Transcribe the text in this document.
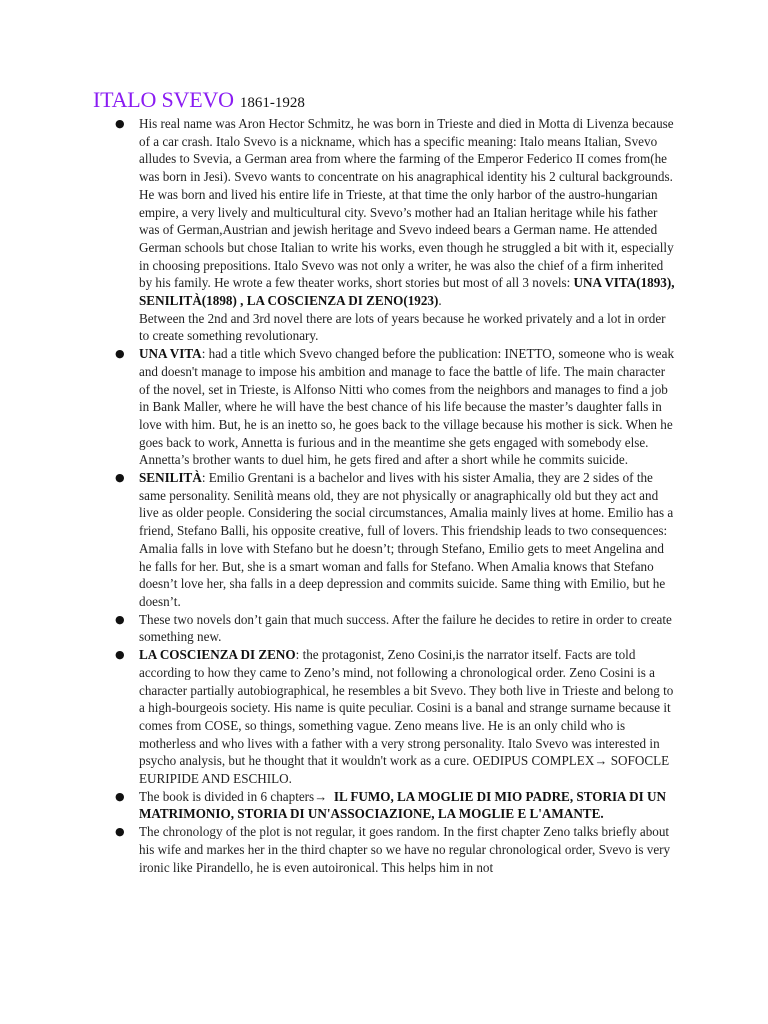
ITALO SVEVO 1861-1928
● His real name was Aron Hector Schmitz, he was born in Trieste and died in Motta di Livenza because of a car crash. Italo Svevo is a nickname, which has a specific meaning: Italo means Italian, Svevo alludes to Svevia, a German area from where the farming of the Emperor Federico II comes from(he was born in Jesi). Svevo wants to concentrate on his anagraphical identity his 2 cultural backgrounds. He was born and lived his entire life in Trieste, at that time the only harbor of the austro-hungarian empire, a very lively and multicultural city. Svevo’s mother had an Italian heritage while his father was of German,Austrian and jewish heritage and Svevo indeed bears a German name. He attended German schools but chose Italian to write his works, even though he struggled a bit with it, especially in choosing prepositions. Italo Svevo was not only a writer, he was also the chief of a firm inherited by his family. He wrote a few theater works, short stories but most of all 3 novels: UNA VITA(1893), SENILITÀ(1898) , LA COSCIENZA DI ZENO(1923).
Between the 2nd and 3rd novel there are lots of years because he worked privately and a lot in order to create something revolutionary.
● UNA VITA: had a title which Svevo changed before the publication: INETTO, someone who is weak and doesn't manage to impose his ambition and manage to face the battle of life. The main character of the novel, set in Trieste, is Alfonso Nitti who comes from the neighbors and manages to find a job in Bank Maller, where he will have the best chance of his life because the master’s daughter falls in love with him. But, he is an inetto so, he goes back to the village because his mother is sick. When he goes back to work, Annetta is furious and in the meantime she gets engaged with somebody else. Annetta’s brother wants to duel him, he gets fired and after a short while he commits suicide.
● SENILITÀ: Emilio Grentani is a bachelor and lives with his sister Amalia, they are 2 sides of the same personality. Senilità means old, they are not physically or anagraphically old but they act and live as older people. Considering the social circumstances, Amalia mainly lives at home. Emilio has a friend, Stefano Balli, his opposite creative, full of lovers. This friendship leads to two consequences: Amalia falls in love with Stefano but he doesn’t; through Stefano, Emilio gets to meet Angelina and he falls for her. But, she is a smart woman and falls for Stefano. When Amalia knows that Stefano doesn’t love her, sha falls in a deep depression and commits suicide. Same thing with Emilio, but he doesn’t.
● These two novels don’t gain that much success. After the failure he decides to retire in order to create something new.
● LA COSCIENZA DI ZENO: the protagonist, Zeno Cosini,is the narrator itself. Facts are told according to how they came to Zeno’s mind, not following a chronological order. Zeno Cosini is a character partially autobiographical, he resembles a bit Svevo. They both live in Trieste and belong to a high-bourgeois society. His name is quite peculiar. Cosini is a banal and strange surname because it comes from COSE, so things, something vague. Zeno means live. He is an only child who is motherless and who lives with a father with a very strong personality. Italo Svevo was interested in psycho analysis, but he thought that it wouldn't work as a cure. OEDIPUS COMPLEX→ SOFOCLE EURIPIDE AND ESCHILO.
● The book is divided in 6 chapters→  IL FUMO, LA MOGLIE DI MIO PADRE, STORIA DI UN  MATRIMONIO, STORIA DI UN'ASSOCIAZIONE, LA MOGLIE E L'AMANTE.
● The chronology of the plot is not regular, it goes random. In the first chapter Zeno talks briefly about his wife and markes her in the third chapter so we have no regular chronological order, Svevo is very ironic like Pirandello, he is even autoironical. This helps him in not
